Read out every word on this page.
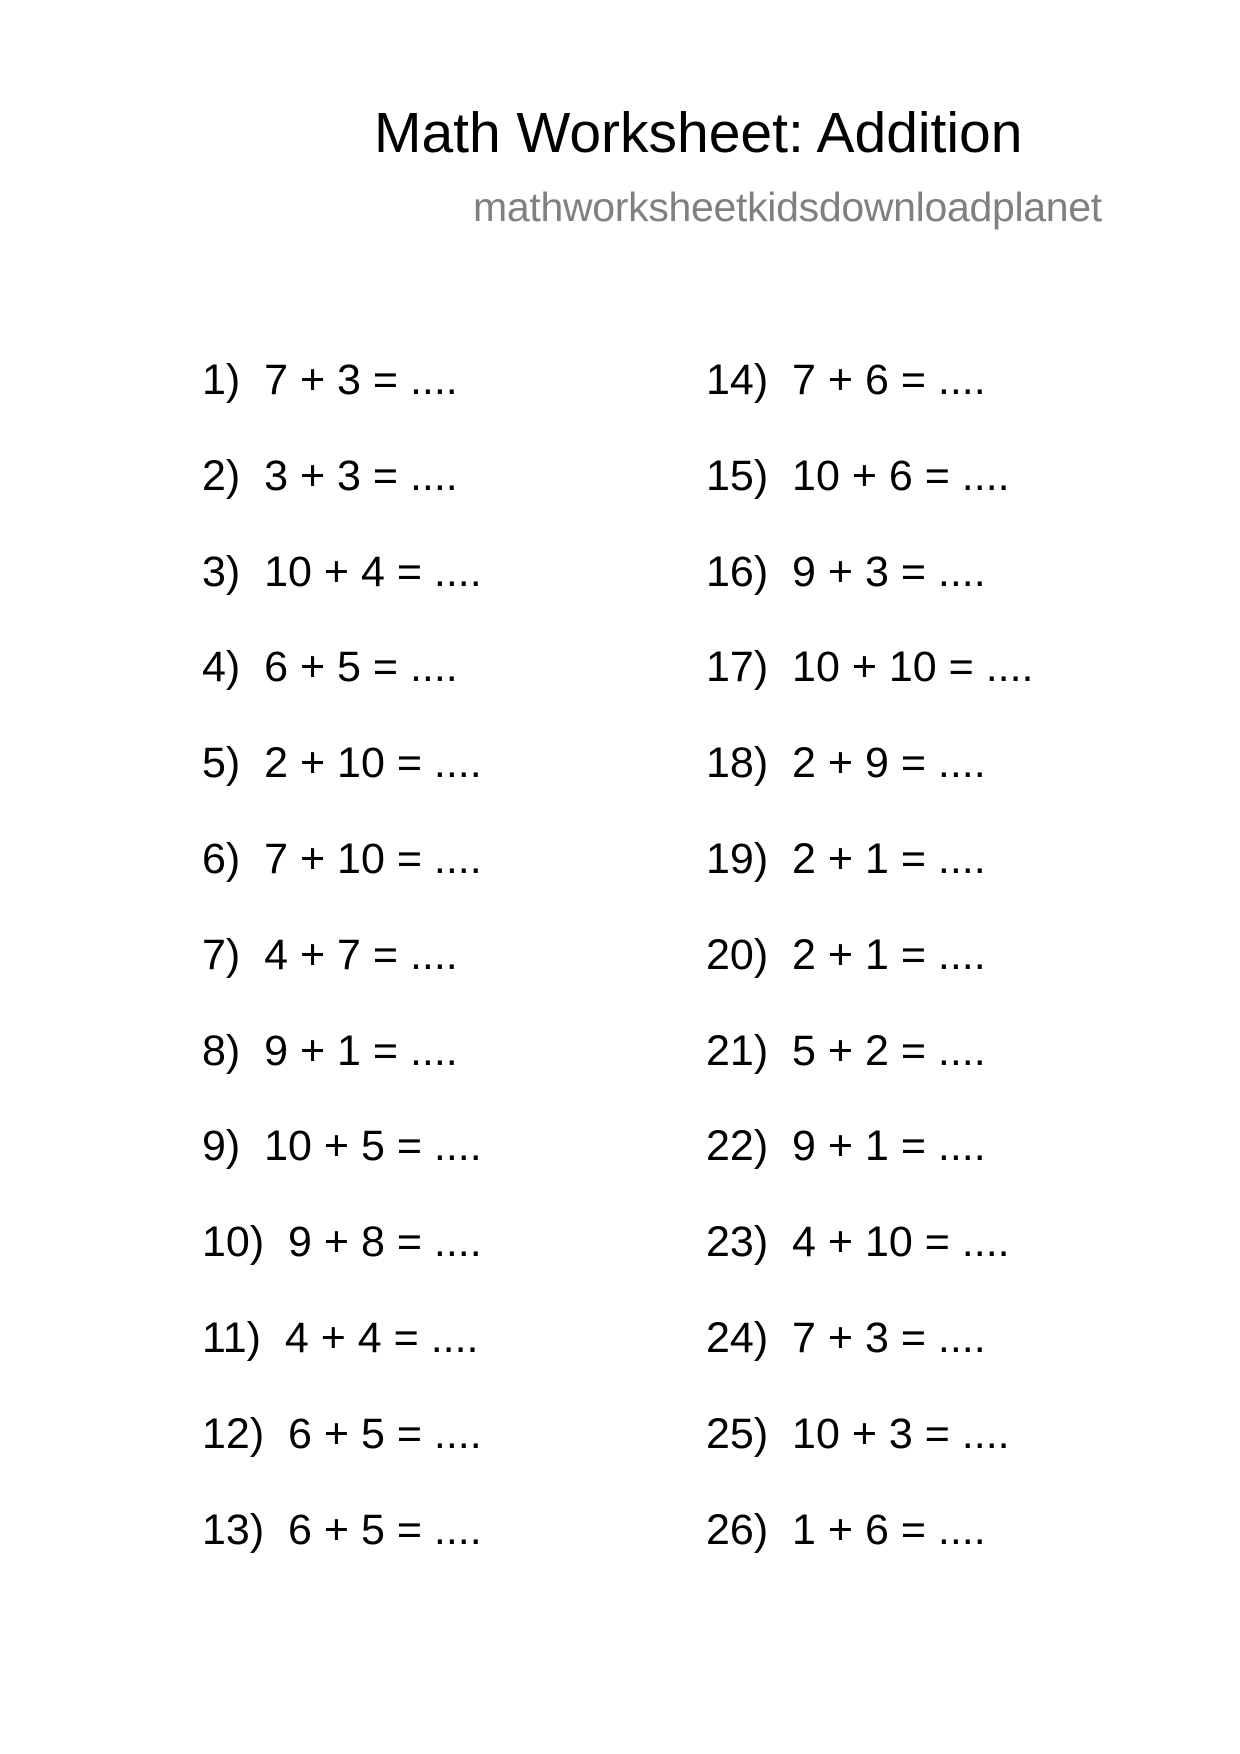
Math Worksheet: Addition
mathworksheetkidsdownloadplanet
1)  7 + 3 = ....
2)  3 + 3 = ....
3)  10 + 4 = ....
4)  6 + 5 = ....
5)  2 + 10 = ....
6)  7 + 10 = ....
7)  4 + 7 = ....
8)  9 + 1 = ....
9)  10 + 5 = ....
10)  9 + 8 = ....
11)  4 + 4 = ....
12)  6 + 5 = ....
13)  6 + 5 = ....
14)  7 + 6 = ....
15)  10 + 6 = ....
16)  9 + 3 = ....
17)  10 + 10 = ....
18)  2 + 9 = ....
19)  2 + 1 = ....
20)  2 + 1 = ....
21)  5 + 2 = ....
22)  9 + 1 = ....
23)  4 + 10 = ....
24)  7 + 3 = ....
25)  10 + 3 = ....
26)  1 + 6 = ....
